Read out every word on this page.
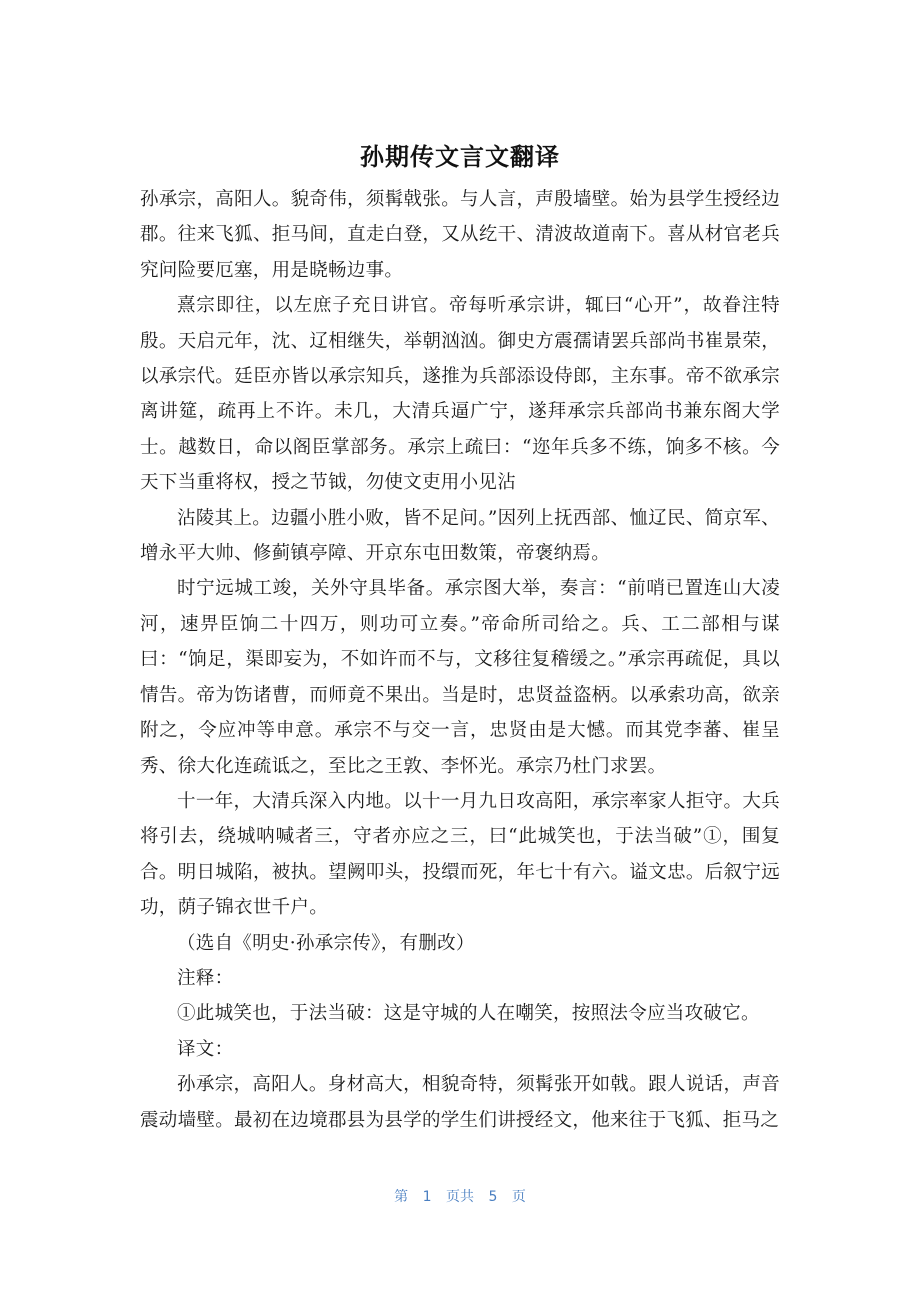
孙期传文言文翻译

孙承宗，高阳人。貌奇伟，须髯戟张。与人言，声殷墙壁。始为县学生授经边郡。往来飞狐、拒马间，直走白登，又从纥干、清波故道南下。喜从材官老兵究问险要厄塞，用是晓畅边事。

熹宗即往，以左庶子充日讲官。帝每听承宗讲，辄曰“心开”，故眷注特殷。天启元年，沈、辽相继失，举朝汹汹。御史方震孺请罢兵部尚书崔景荣，以承宗代。廷臣亦皆以承宗知兵，遂推为兵部添设侍郎，主东事。帝不欲承宗离讲筵，疏再上不许。未几，大清兵逼广宁，遂拜承宗兵部尚书兼东阁大学士。越数日，命以阁臣掌部务。承宗上疏曰：“迩年兵多不练，饷多不核。今天下当重将权，授之节钺，勿使文吏用小见沾

沾陵其上。边疆小胜小败，皆不足问。”因列上抚西部、恤辽民、简京军、增永平大帅、修蓟镇亭障、开京东屯田数策，帝褒纳焉。

时宁远城工竣，关外守具毕备。承宗图大举，奏言：“前哨已置连山大凌河，速畀臣饷二十四万，则功可立奏。”帝命所司给之。兵、工二部相与谋曰：“饷足，渠即妄为，不如许而不与，文移往复稽缓之。”承宗再疏促，具以情告。帝为饬诸曹，而师竟不果出。当是时，忠贤益盗柄。以承索功高，欲亲附之，令应冲等申意。承宗不与交一言，忠贤由是大憾。而其党李蕃、崔呈秀、徐大化连疏诋之，至比之王敦、李怀光。承宗乃杜门求罢。

十一年，大清兵深入内地。以十一月九日攻高阳，承宗率家人拒守。大兵将引去，绕城呐喊者三，守者亦应之三，曰“此城笑也，于法当破”①，围复合。明日城陷，被执。望阙叩头，投缳而死，年七十有六。谥文忠。后叙宁远功，荫子锦衣世千户。

（选自《明史·孙承宗传》，有删改）

注释：

①此城笑也，于法当破：这是守城的人在嘲笑，按照法令应当攻破它。

译文：

孙承宗，高阳人。身材高大，相貌奇特，须髯张开如戟。跟人说话，声音震动墙壁。最初在边境郡县为县学的学生们讲授经文，他来往于飞狐、拒马之

第 1 页共 5 页
